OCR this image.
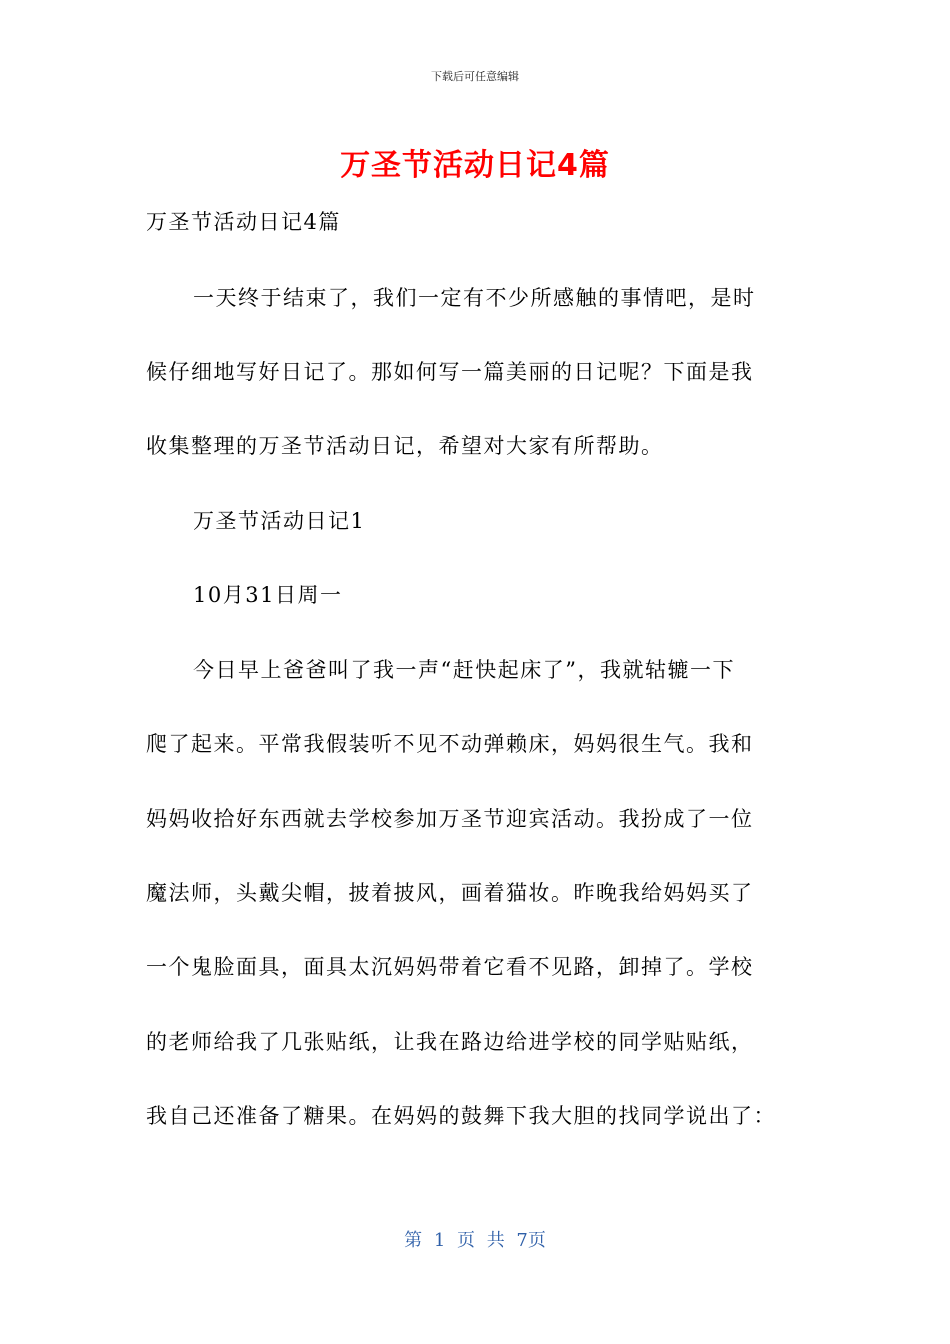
下载后可任意编辑
万圣节活动日记4篇
万圣节活动日记4篇
一天终于结束了，我们一定有不少所感触的事情吧，是时
候仔细地写好日记了。那如何写一篇美丽的日记呢？下面是我
收集整理的万圣节活动日记，希望对大家有所帮助。
万圣节活动日记1
10月31日周一
今日早上爸爸叫了我一声“赶快起床了”，我就轱辘一下
爬了起来。平常我假装听不见不动弹赖床，妈妈很生气。我和
妈妈收拾好东西就去学校参加万圣节迎宾活动。我扮成了一位
魔法师，头戴尖帽，披着披风，画着猫妆。昨晚我给妈妈买了
一个鬼脸面具，面具太沉妈妈带着它看不见路，卸掉了。学校
的老师给我了几张贴纸，让我在路边给进学校的同学贴贴纸，
我自己还准备了糖果。在妈妈的鼓舞下我大胆的找同学说出了：
第 1 页 共 7页
